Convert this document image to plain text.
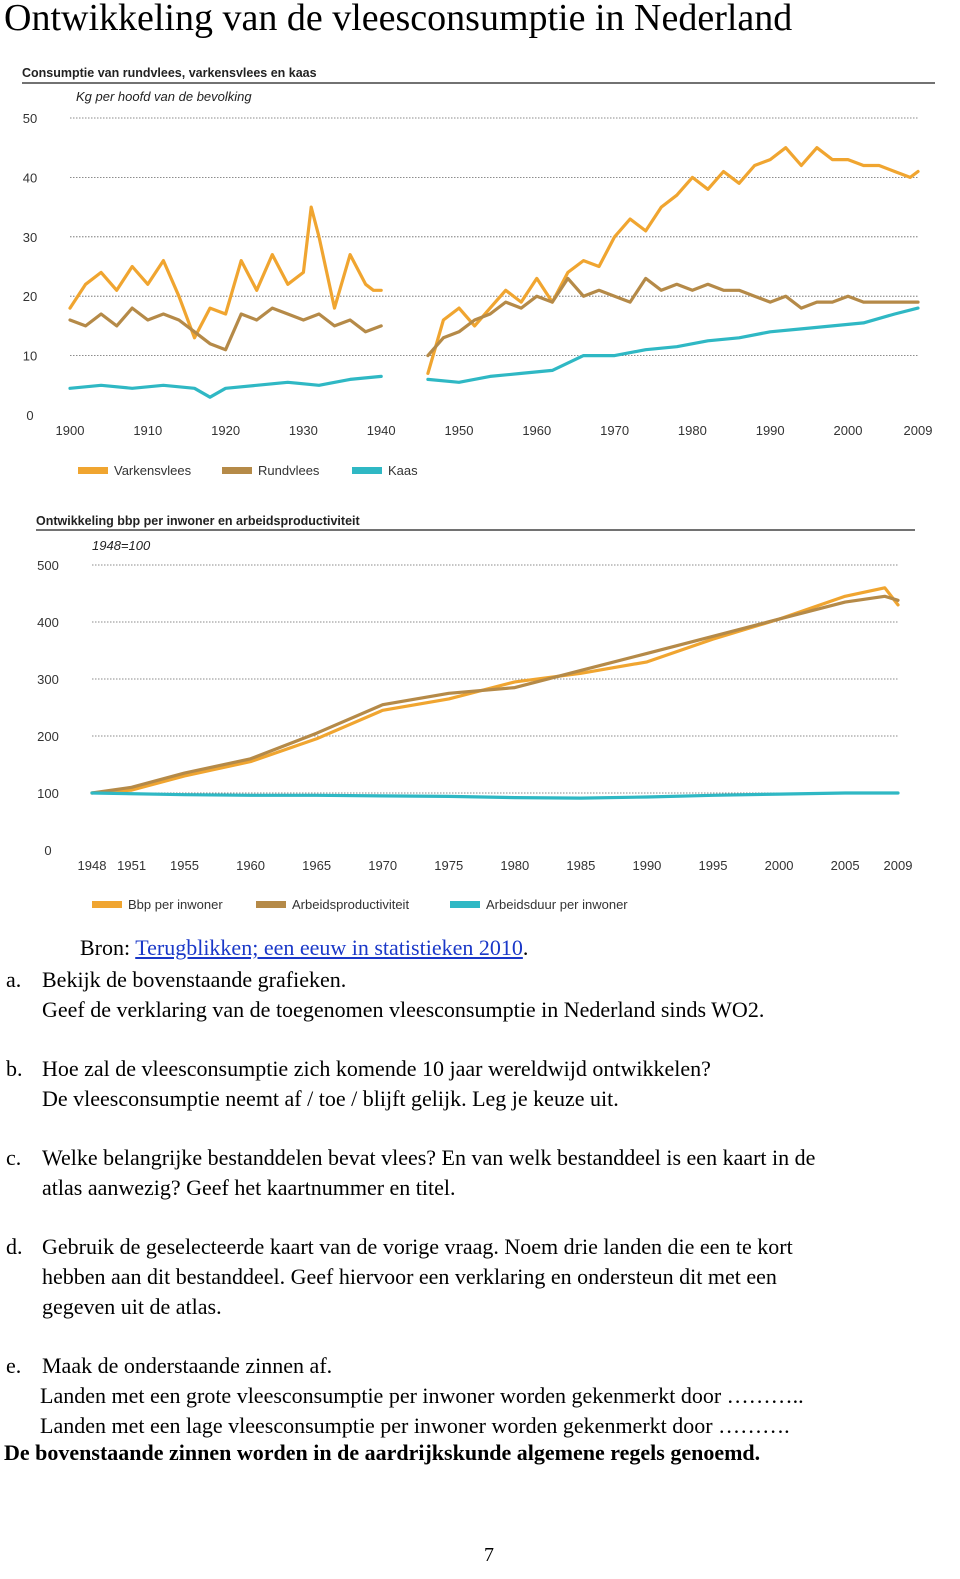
Ontwikkeling van de vleesconsumptie in Nederland
Consumptie van rundvlees, varkensvlees en kaas
Kg per hoofd van de bevolking
0
10
20
30
40
50
1900	1910	1920	1930	1940	1950	1960	1970	1980	1990	2000	2009
Varkensvlees	Rundvlees	Kaas
Ontwikkeling bbp per inwoner en arbeidsproductiviteit
1948=100
0
100
200
300
400
500
1948 1951 1955	1960	1965	1970	1975	1980	1985	1990	1995	2000	2005 2009
Bbp per inwoner	Arbeidsproductiviteit	Arbeidsduur per inwoner
Bron: Terugblikken; een eeuw in statistieken 2010.
a. Bekijk de bovenstaande grafieken.
Geef de verklaring van de toegenomen vleesconsumptie in Nederland sinds WO2.
b. Hoe zal de vleesconsumptie zich komende 10 jaar wereldwijd ontwikkelen?
De vleesconsumptie neemt af / toe / blijft gelijk. Leg je keuze uit.
c. Welke belangrijke bestanddelen bevat vlees? En van welk bestanddeel is een kaart in de
atlas aanwezig? Geef het kaartnummer en titel.
d. Gebruik de geselecteerde kaart van de vorige vraag. Noem drie landen die een te kort
hebben aan dit bestanddeel. Geef hiervoor een verklaring en ondersteun dit met een
gegeven uit de atlas.
e. Maak de onderstaande zinnen af.
Landen met een grote vleesconsumptie per inwoner worden gekenmerkt door ………..
Landen met een lage vleesconsumptie per inwoner worden gekenmerkt door ……….
De bovenstaande zinnen worden in de aardrijkskunde algemene regels genoemd.
7
